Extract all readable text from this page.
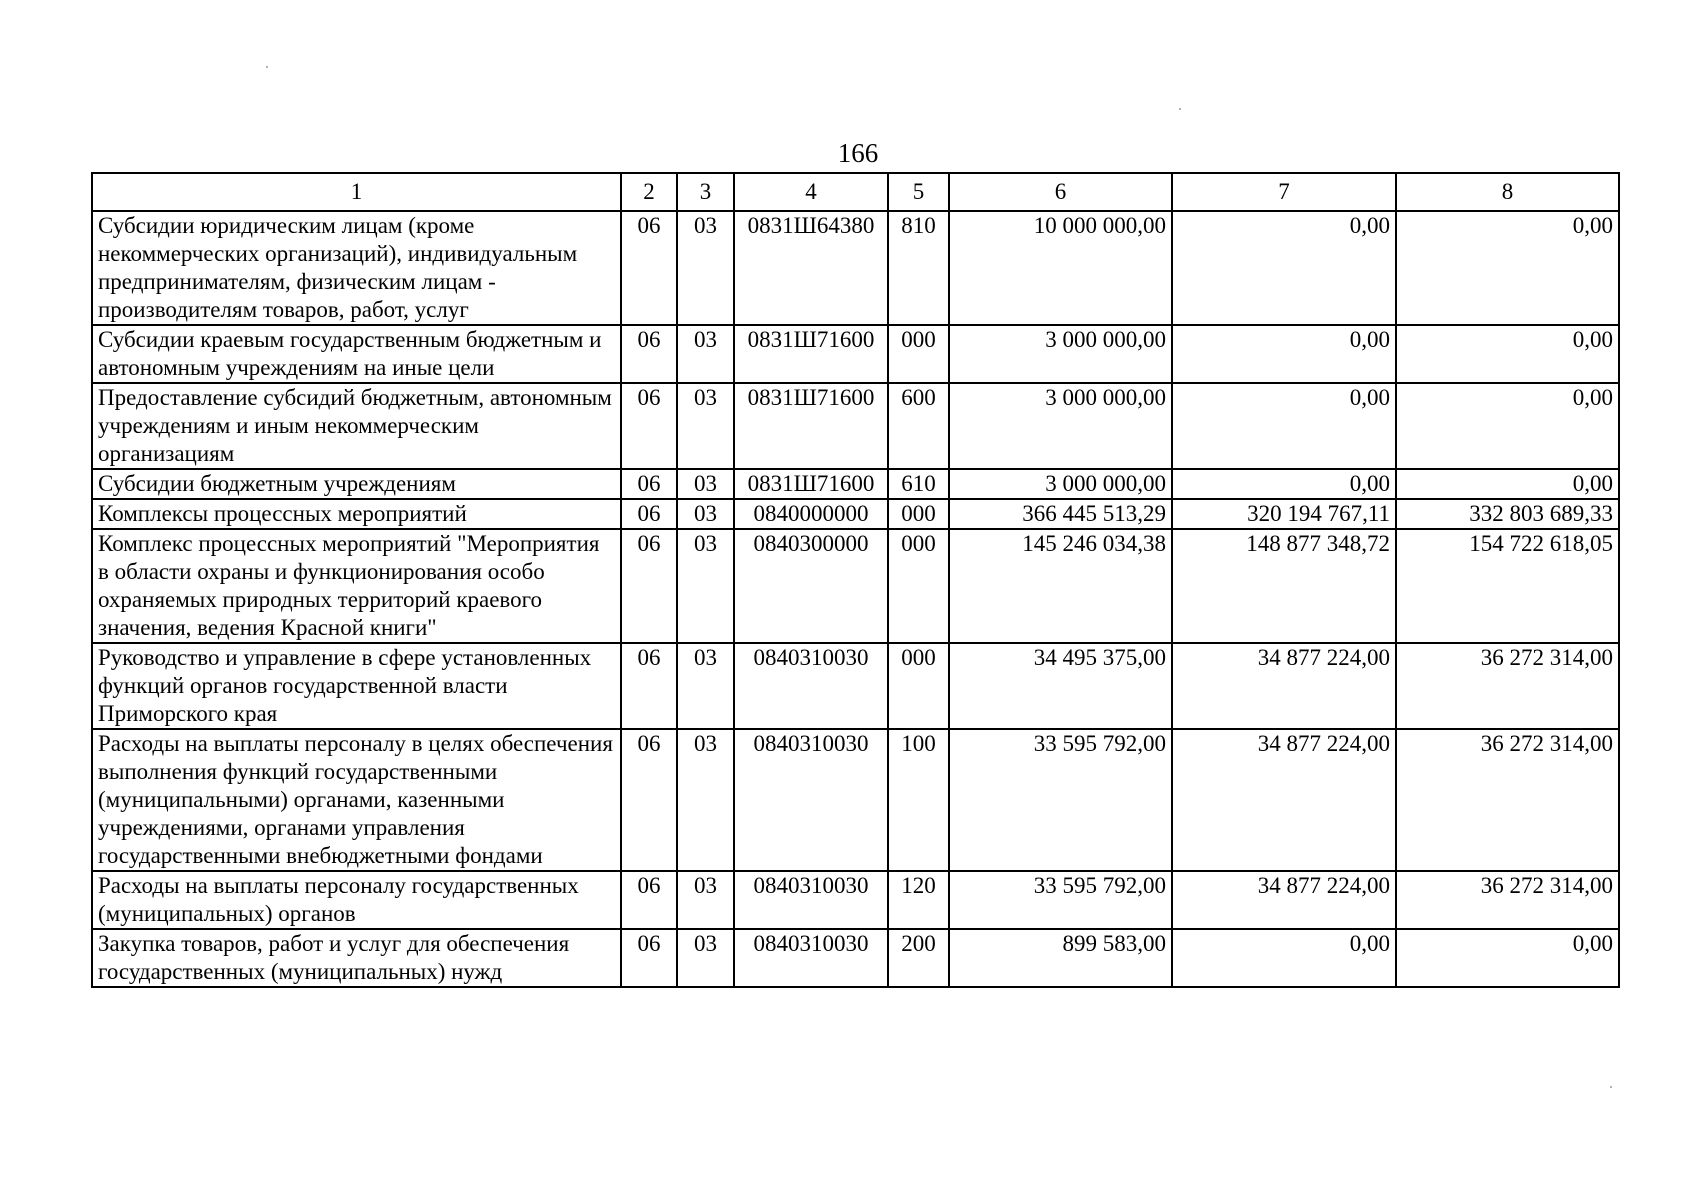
166
1	2	3	4	5	6	7	8
Субсидии юридическим лицам (кроме некоммерческих организаций), индивидуальным предпринимателям, физическим лицам - производителям товаров, работ, услуг	06	03	0831Ш64380	810	10 000 000,00	0,00	0,00
Субсидии краевым государственным бюджетным и автономным учреждениям на иные цели	06	03	0831Ш71600	000	3 000 000,00	0,00	0,00
Предоставление субсидий бюджетным, автономным учреждениям и иным некоммерческим организациям	06	03	0831Ш71600	600	3 000 000,00	0,00	0,00
Субсидии бюджетным учреждениям	06	03	0831Ш71600	610	3 000 000,00	0,00	0,00
Комплексы процессных мероприятий	06	03	0840000000	000	366 445 513,29	320 194 767,11	332 803 689,33
Комплекс процессных мероприятий "Мероприятия в области охраны и функционирования особо охраняемых природных территорий краевого значения, ведения Красной книги"	06	03	0840300000	000	145 246 034,38	148 877 348,72	154 722 618,05
Руководство и управление в сфере установленных функций органов государственной власти Приморского края	06	03	0840310030	000	34 495 375,00	34 877 224,00	36 272 314,00
Расходы на выплаты персоналу в целях обеспечения выполнения функций государственными (муниципальными) органами, казенными учреждениями, органами управления государственными внебюджетными фондами	06	03	0840310030	100	33 595 792,00	34 877 224,00	36 272 314,00
Расходы на выплаты персоналу государственных (муниципальных) органов	06	03	0840310030	120	33 595 792,00	34 877 224,00	36 272 314,00
Закупка товаров, работ и услуг для обеспечения государственных (муниципальных) нужд	06	03	0840310030	200	899 583,00	0,00	0,00
